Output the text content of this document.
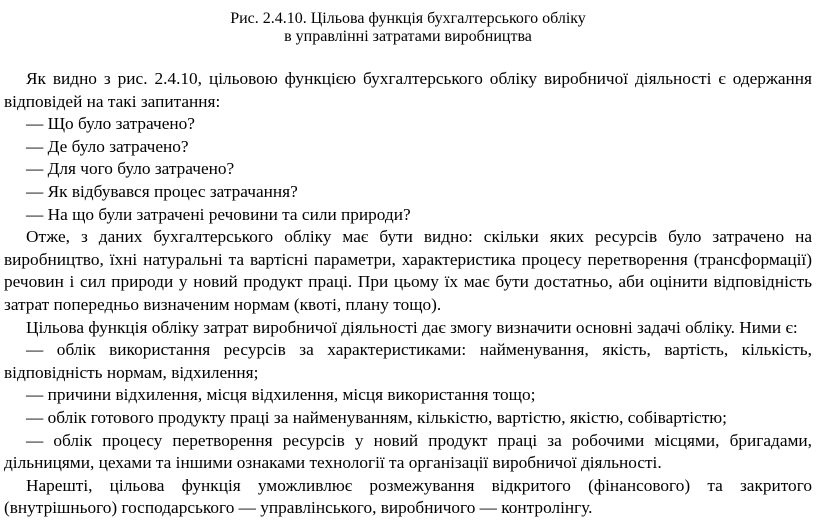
Рис. 2.4.10. Цільова функція бухгалтерського обліку
в управлінні затратами виробництва

Як видно з рис. 2.4.10, цільовою функцією бухгалтерського обліку виробничої діяльності є одержання відповідей на такі запитання:

— Що було затрачено?

— Де було затрачено?

— Для чого було затрачено?

— Як відбувався процес затрачання?

— На що були затрачені речовини та сили природи?

Отже, з даних бухгалтерського обліку має бути видно: скільки яких ресурсів було затрачено на виробництво, їхні натуральні та вартісні параметри, характеристика процесу перетворення (трансформації) речовин і сил природи у новий продукт праці. При цьому їх має бути достатньо, аби оцінити відповідність затрат попередньо визначеним нормам (квоті, плану тощо).

Цільова функція обліку затрат виробничої діяльності дає змогу визначити основні задачі обліку. Ними є:

— облік використання ресурсів за характеристиками: найменування, якість, вартість, кількість, відповідність нормам, відхилення;

— причини відхилення, місця відхилення, місця використання тощо;

— облік готового продукту праці за найменуванням, кількістю, вартістю, якістю, собівартістю;

— облік процесу перетворення ресурсів у новий продукт праці за робочими місцями, бригадами, дільницями, цехами та іншими ознаками технології та організації виробничої діяльності.

Нарешті, цільова функція уможливлює розмежування відкритого (фінансового) та закритого (внутрішнього) господарського — управлінського, виробничого — контролінгу.
